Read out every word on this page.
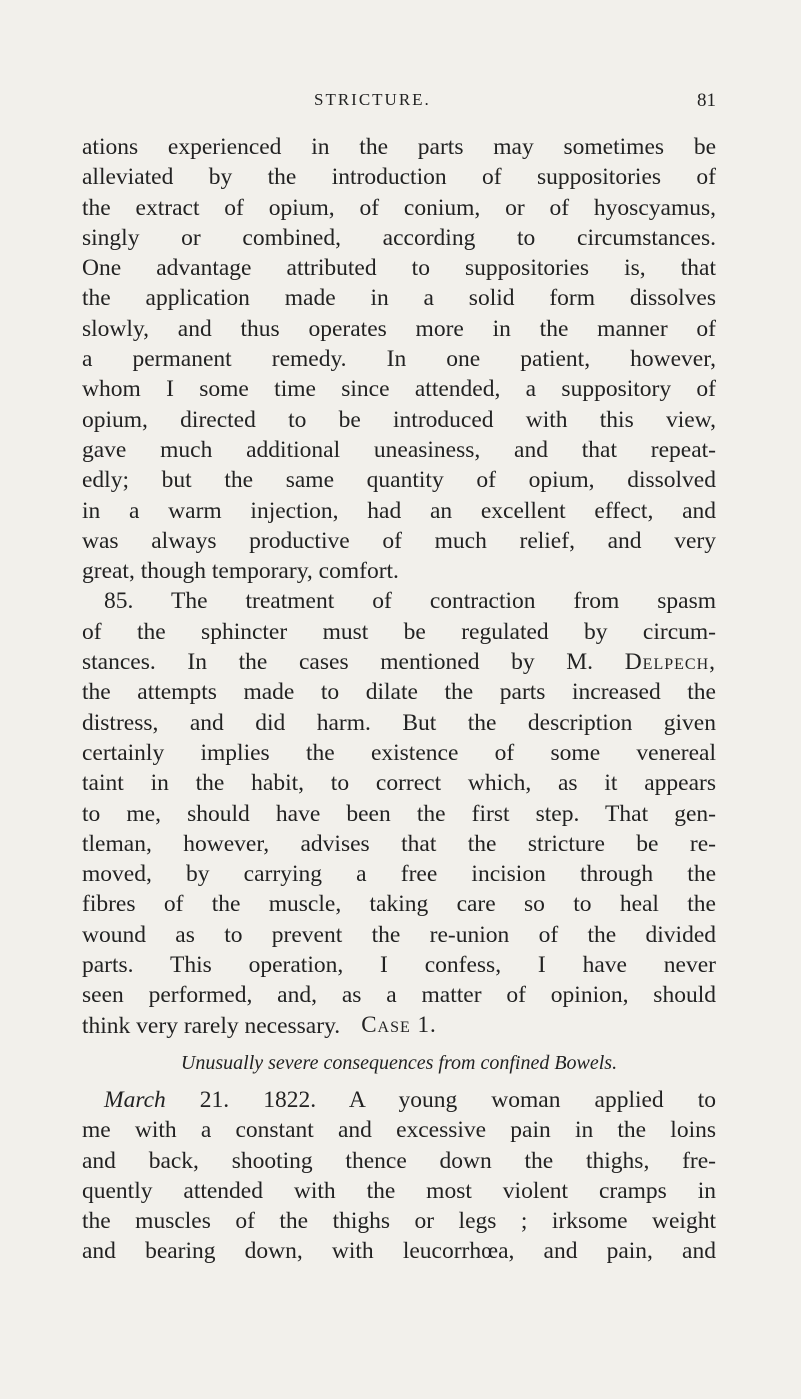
STRICTURE.	81
ations experienced in the parts may sometimes be
alleviated by the introduction of suppositories of
the extract of opium, of conium, or of hyoscyamus,
singly or combined, according to circumstances.
One advantage attributed to suppositories is, that
the application made in a solid form dissolves
slowly, and thus operates more in the manner of
a permanent remedy. In one patient, however,
whom I some time since attended, a suppository of
opium, directed to be introduced with this view,
gave much additional uneasiness, and that repeat-
edly; but the same quantity of opium, dissolved
in a warm injection, had an excellent effect, and
was always productive of much relief, and very
great, though temporary, comfort.
85. The treatment of contraction from spasm
of the sphincter must be regulated by circum-
stances. In the cases mentioned by M. Delpech,
the attempts made to dilate the parts increased the
distress, and did harm. But the description given
certainly implies the existence of some venereal
taint in the habit, to correct which, as it appears
to me, should have been the first step. That gen-
tleman, however, advises that the stricture be re-
moved, by carrying a free incision through the
fibres of the muscle, taking care so to heal the
wound as to prevent the re-union of the divided
parts. This operation, I confess, I have never
seen performed, and, as a matter of opinion, should
think very rarely necessary. Case 1.
Unusually severe consequences from confined Bowels.
March 21. 1822. A young woman applied to
me with a constant and excessive pain in the loins
and back, shooting thence down the thighs, fre-
quently attended with the most violent cramps in
the muscles of the thighs or legs ; irksome weight
and bearing down, with leucorrhœa, and pain, and
